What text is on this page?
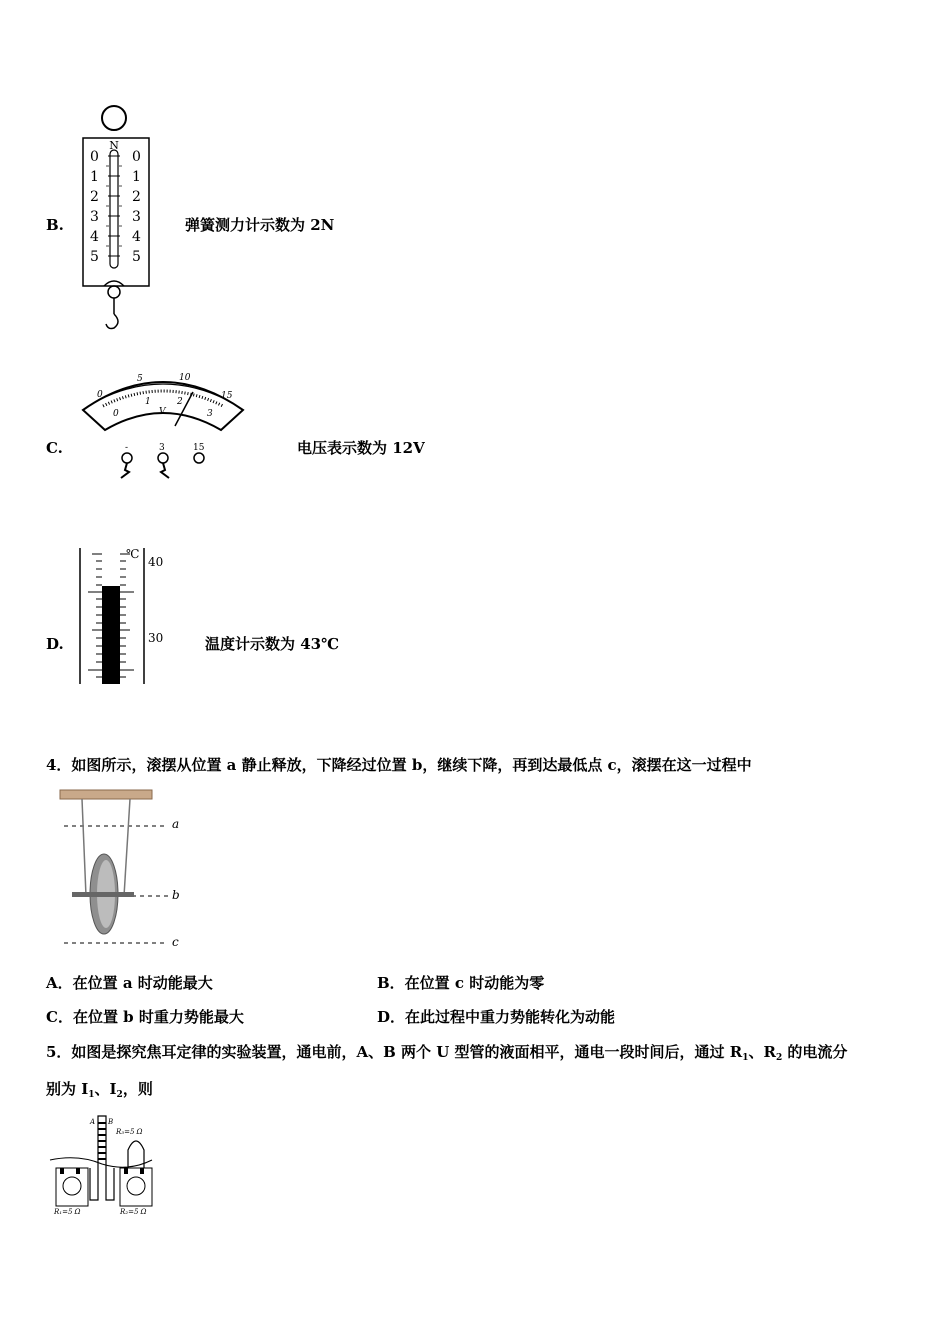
B.	弹簧测力计示数为 2N
N
0
1
2
3
4
5
0
1
2
3
4
5
C.	电压表示数为 12V
0
5	10
15
0
1	2
3
V
-	3	15
D.	温度计示数为 43℃
℃
40
30
4．如图所示，滚摆从位置 a 静止释放，下降经过位置 b，继续下降，再到达最低点 c，滚摆在这一过程中
a
b
c
A．在位置 a 时动能最大	B．在位置 c 时动能为零
C．在位置 b 时重力势能最大	D．在此过程中重力势能转化为动能
5．如图是探究焦耳定律的实验装置，通电前，A、B 两个 U 型管的液面相平，通电一段时间后，通过 $R_1$、$R_2$ 的电流分
别为 $I_1$、$I_2$，则
A B
R₃=5 Ω
R₁=5 Ω	R₂=5 Ω
